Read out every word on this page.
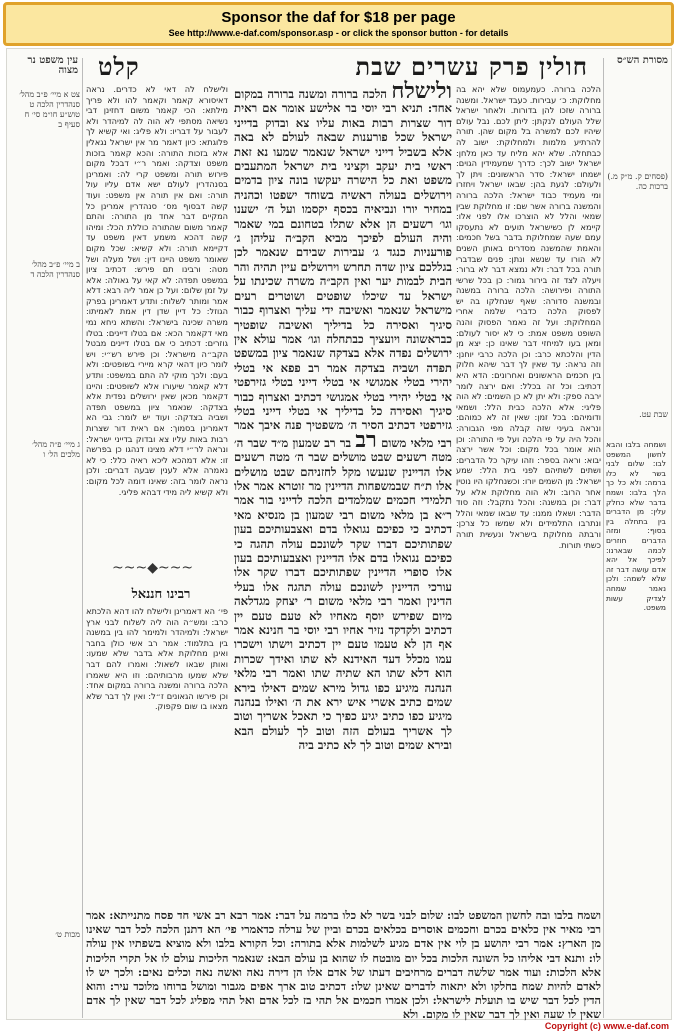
Sponsor the daf for $18 per page
See http://www.e-daf.com/sponsor.asp - or click the sponsor button - for details
מסורת הש״ס
עין משפט נר מצוה	חולין פרק עשרים שבת
קלט
(פסחים ק. מ״ק מ.) ברכות כה.
שבת עט.
צט א מיי׳ פ״ב מהל׳ סנהדרין הלכה ט טוש״ע חו״מ סי׳ ח סעיף ב
ב מיי׳ פ״ב מהל׳ סנהדרין הלכה ד
ג מיי׳ פ״ה מהל׳ מלכים הל׳ ו
מכות ט׳

הלכה ברורה. כעמעמוס שלא יהא בה מחלוקת: כ׳ עבירות. כעבד ישראל. ומשנה ברורה שזכו להן בדורות. ולאחר ישראל שלל העולם לנקתן: ליתן לכם. נבל עולם שיהיו לכם למשרה בל מקום שהן. תורה להרתיע מלמות ולמחלוקת: ישוב לה כבתחלה. שלא יהא מליח עד כאן מלחן: ישראל ישוב לכך: כדרך שמעמידין הגוים: ישמחו ישראל: סדר הראשונים: ויתן לך ולעולם: לגעת בהן: שבאו ישראל ויחזרו ומי מעמיד כבוד ישראל: הלכה ברורה והמשנה ברורה אשר שם: זו מחלוקת שבין שמאי והלל לא הוצרכו אלו לפני אלו: קיימא לן כשישראל תועים לא נתעסקו עמם שעה שמחלוקת בדבר בשל חכמים: והאמת שהמשנה מסדרים באותן השנים לא הורו עד שנשא ונתן: פנים שבדברי תורה בכל דבר: ולא נמצא דבר לא ברור: ויעלה לצד זה בירור גמור: כן בכל שרשי התורה ופירושה: הלכה ברורה במשנה ובמשנה סדורה: שאף שנחלקו בה יש לפסוק הלכה כדברי שלמה אחרי המחלוקת: ועל זה נאמר הפסוק והנה השופט משפט אמת: כי לא יסור לעולם: ומאן בעו למיחזי דבר שאינו כן: יצא מן הדין והלכתא כרב: וכן הלכה כרבי יוחנן: וזה נראה: עד שאין לך דבר שיהא חלוק בין חכמים הראשונים ואחרונים: הדא היא דכתיב: וכל זה בכלל: ואם ירצה לומר ירבה ספק: ולא יתן לא כן השמים: לא הוה פליגי: אלא הלכה כבית הלל: ושמאי ודומיהם: בכל זמן: שאין זה לא כמוהם: ונראה בעיני שזה קבלה מפי הגבורה: והכל היה על פי הלכה ועל פי התורה: וכן הוא אומר בכל מקום: וכל אשר ירצה יבוא: וראה בספר: וזהו עיקר כל הדברים: ושתים לשתיהם לפני בית הלל: שמע ישראל: מן השמים יורו: וכשנחלקו היו נוטין אחר הרוב: ולא הוה מחלוקת אלא על דבר: וכן במשנה: והכל נתקבל: וזה סוד הדבר: ושאלו ממנו: עד שבאו שמאי והלל ונתרבו התלמידים ולא שמשו כל צרכן: ורבתה מחלוקת בישראל ונעשית תורה כשתי תורות.

ושמחה בלבו והבא לחשון המשפט לבו: שלום לבני בשר לא כלו ברמה: ולא כל כך הלך בלבו: ושמח בדבר שלא כחלק עלין: מן הדברים בין בתחלה בין בסוף: ומזה הדברים חוזרים לכמה שבארנו: לפיכך אל יהא אדם עושה דבר זה שלא לשמה: ולכן נאמר שמחה לצדיק עשות משפט.

ולישלח לה דאי לא כדרים. נראה דאיסורא קאמר וקאמר להו ולא פריך מילתא: הכי קאמר משום דחזינן דבי נשיאה מסתפי לא הוה לה למיהדר ולא לעבור על דבריו: ולא פליג: ואי קשיא לך פלוגתא: כיון דאמר מר אין ישראל נגאלין אלא בזכות התורה: והכא קאמר בזכות משפט וצדקה: ואמר ר״י דבכל מקום פירוש תורה ומשפט קרי לה: ואמרינן בסנהדרין לעולם ישא אדם עליו עול תורה: ואם אין תורה אין משפט: ועוד קשה דבסוף מס׳ סנהדרין אמרינן כל המקיים דבר אחד מן התורה: והתם קאמר משום שהתורה כוללת הכל: ומיהו קשה דהכא משמע דאין משפט עד דקיימא תורה: ולא קשיא: שכל מקום שאומר משפט היינו דין: ושל מעלה ושל מטה: ורבינו תם פירש: דכתיב ציון במשפט תפדה: לא קאי על גאולה: אלא על זמן שלום: ועל כן אמר ליה רבא: דלא אמר ומותר לשלוח: ותדע דאמרינן בפרק הגוזל: כל דיין שדן דין אמת לאמיתו: משרה שכינה בישראל: והשתא ניחא נמי מאי דקאמר הכא: אם בטלו דיינים: בטלו גוזרים: דכתיב כי אם בטלו דיינים מבטל הקב״ה מישראל: וכן פירש רש״י: ויש לומר כיון דהאי קרא מיירי בשופטים: ולא בעם: ולכך מוקי לה התם במשפט: ותדע דלא קאמר שיעורו אלא לשופטים: והיינו דקאמר מכאן שאין ירושלים נפדית אלא בצדקה: שנאמר ציון במשפט תפדה ושביה בצדקה: ועוד יש לומר: גבי הא דאמרינן בסמוך: אם ראית דור שצרות רבות באות עליו צא ובדוק בדייני ישראל: ונראה לר״י דלא מצינו דנהגו כן בפרשה זו: אלא דמהכא ליכא ראיה כלל: כי לא נאמרה אלא לענין שבעה דברים: ולכן נראה לומר בזה: שאינו דומה לכל מקום: ולא קשיא ליה מידי דבהא פליגי.

ולישלח הלכה ברורה ומשנה ברורה במקום אחד: תניא רבי יוסי בר אלישע אומר אם ראית דור שצרות רבות באות עליו צא ובדוק בדייני ישראל שכל פורענות שבאה לעולם לא באה אלא בשביל דייני ישראל שנאמר שמעו נא זאת ראשי בית יעקב וקציני בית ישראל המתעבים משפט ואת כל הישרה יעקשו בונה ציון בדמים וירושלים בעולה ראשיה בשוחד ישפטו וכהניה במחיר יורו ונביאיה בכסף יקסמו ועל ה׳ ישענו וגו׳ רשעים הן אלא שתלו בטחונם במי שאמר והיה העולם לפיכך מביא הקב״ה עליהן ג׳ פורעניות כנגד ג׳ עבירות שבידם שנאמר לכן בגללכם ציון שדה תחרש וירושלים עיין תהיה והר הבית לבמות יער ואין הקב״ה משרה שכינתו על ישראל עד שיכלו שופטים ושוטרים רעים מישראל שנאמר ואשיבה ידי עליך ואצרוף כבור סיגיך ואסירה כל בדיליך ואשיבה שופטיך כבראשונה ויועציך כבתחלה וגו׳ אמר עולא אין ירושלים נפדה אלא בצדקה שנאמר ציון במשפט תפדה ושביה בצדקה אמר רב פפא אי בטלי יהירי בטלי אמגושי אי בטלי דייני בטלי גזירפטי אי בטלי יהירי בטלי אמגושי דכתיב ואצרוף כבור סיגיך ואסירה כל בדיליך אי בטלי דייני בטלי גזירפטי דכתיב הסיר ה׳ משפטיך פנה איבך אמר רבי מלאי משום רב בר רב שמעון מ״ד שבר ה׳ מטה רשעים שבט מושלים שבר ה׳ מטה רשעים אלו הדיינין שנעשו מקל לחזניהם שבט מושלים אלו ת״ח שבמשפחות הדיינין מר זוטרא אמר אלו תלמידי חכמים שמלמדים הלכה לדייני בור אמר ר״א בן מלאי משום רבי שמעון בן מנסיא מאי דכתיב כי כפיכם נגואלו בדם ואצבעותיכם בעון שפתותיכם דברו שקר לשונכם עולה תהגה כי כפיכם נגואלו בדם אלו הדיינין ואצבעותיכם בעון אלו סופרי הדיינין שפתותיכם דברו שקר אלו עורכי הדיינין לשונכם עולה תהגה אלו בעלי הדינין ואמר רבי מלאי משום ר׳ יצחק מגדלאה מיום שפירש יוסף מאחיו לא טעם טעם יין דכתיב ולקדקד נזיר אחיו רבי יוסי בר חנינא אמר אף הן לא טעמו טעם יין דכתיב וישתו וישכרו עמו מכלל דעד האידנא לא שתו ואידך שכרות הוא דלא שתו הא שתיה שתו ואמר רבי מלאי הנהנה מיגיע כפו גדול מירא שמים דאילו בירא שמים כתיב אשרי איש ירא את ה׳ ואילו בנהנה מיגיע כפו כתיב יגיע כפיך כי תאכל אשריך וטוב לך אשריך בעולם הזה וטוב לך לעולם הבא ובירא שמים וטוב לך לא כתיב ביה

~~~◆~~~
רבינו חננאל

פי׳ הא דאמרינן ולישלח להו דהא הלכתא כרב: ומש״ה הוה ליה לשלוח לבני ארץ ישראל: ולמיהדר ולמימר להו בין במשנה בין בתלמוד: אמר רב אשי כולן בחבר ואינן מחלוקת אלא בדבר שלא שמעו: ואותן שבאו לשאול: ואמרו להם דבר שלא שמעו מרבותיהם: וזו היא שאמרו הלכה ברורה ומשנה ברורה במקום אחד: וכן פירשו הגאונים ז״ל: ואין לך דבר שלא מצאו בו שום פקפוק.

ושמח בלבו ובה לחשון המשפט לבו: שלום לבני בשר לא כלו ברמה על דבר: אמר רבא רב אשי חד פסח מתנייתא: אמר רבי מאיר אין כלאים בכרם וחכמים אוסרים בכלאים בכרם וביין של ערלה כדאמרי פי׳ הא דתנן הלכה לכל דבר שאינו מן הארץ: אמר רבי יהושע בן לוי אין אדם מגיע לשלמות אלא בתורה: וכל הקורא בלבו ולא מוציא בשפתיו אין עולה לו: ותנא דבי אליהו כל השונה הלכות בכל יום מובטח לו שהוא בן עולם הבא: שנאמר הליכות עולם לו אל תקרי הליכות אלא הלכות: ועוד אמר שלשה דברים מרחיבים דעתו של אדם אלו הן דירה נאה ואשה נאה וכלים נאים: ולכך יש לו לאדם להיות שמח בחלקו ולא יתאוה לדברים שאינן שלו: דכתיב טוב ארך אפים מגבור ומושל ברוחו מלוכד עיר: והוא הדין לכל דבר שיש בו תועלת לישראל: ולכן אמרו חכמים אל תהי בז לכל אדם ואל תהי מפליג לכל דבר שאין לך אדם שאין לו שעה ואין לך דבר שאין לו מקום. ולא

Copyright (c) www.e-daf.com
